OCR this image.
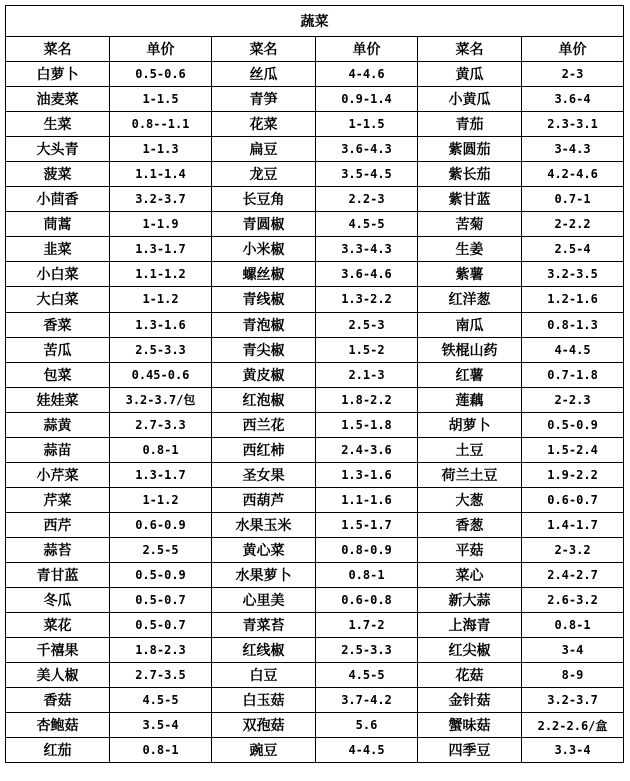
蔬菜					
菜名	单价	菜名	单价	菜名	单价
白萝卜	0.5-0.6	丝瓜	4-4.6	黄瓜	2-3
油麦菜	1-1.5	青笋	0.9-1.4	小黄瓜	3.6-4
生菜	0.8--1.1	花菜	1-1.5	青茄	2.3-3.1
大头青	1-1.3	扁豆	3.6-4.3	紫圆茄	3-4.3
菠菜	1.1-1.4	龙豆	3.5-4.5	紫长茄	4.2-4.6
小茴香	3.2-3.7	长豆角	2.2-3	紫甘蓝	0.7-1
茼蒿	1-1.9	青圆椒	4.5-5	苦菊	2-2.2
韭菜	1.3-1.7	小米椒	3.3-4.3	生姜	2.5-4
小白菜	1.1-1.2	螺丝椒	3.6-4.6	紫薯	3.2-3.5
大白菜	1-1.2	青线椒	1.3-2.2	红洋葱	1.2-1.6
香菜	1.3-1.6	青泡椒	2.5-3	南瓜	0.8-1.3
苦瓜	2.5-3.3	青尖椒	1.5-2	铁棍山药	4-4.5
包菜	0.45-0.6	黄皮椒	2.1-3	红薯	0.7-1.8
娃娃菜	3.2-3.7/包	红泡椒	1.8-2.2	莲藕	2-2.3
蒜黄	2.7-3.3	西兰花	1.5-1.8	胡萝卜	0.5-0.9
蒜苗	0.8-1	西红柿	2.4-3.6	土豆	1.5-2.4
小芹菜	1.3-1.7	圣女果	1.3-1.6	荷兰土豆	1.9-2.2
芹菜	1-1.2	西葫芦	1.1-1.6	大葱	0.6-0.7
西芹	0.6-0.9	水果玉米	1.5-1.7	香葱	1.4-1.7
蒜苔	2.5-5	黄心菜	0.8-0.9	平菇	2-3.2
青甘蓝	0.5-0.9	水果萝卜	0.8-1	菜心	2.4-2.7
冬瓜	0.5-0.7	心里美	0.6-0.8	新大蒜	2.6-3.2
菜花	0.5-0.7	青菜苔	1.7-2	上海青	0.8-1
千禧果	1.8-2.3	红线椒	2.5-3.3	红尖椒	3-4
美人椒	2.7-3.5	白豆	4.5-5	花菇	8-9
香菇	4.5-5	白玉菇	3.7-4.2	金针菇	3.2-3.7
杏鲍菇	3.5-4	双孢菇	5.6	蟹味菇	2.2-2.6/盒
红茄	0.8-1	豌豆	4-4.5	四季豆	3.3-4
